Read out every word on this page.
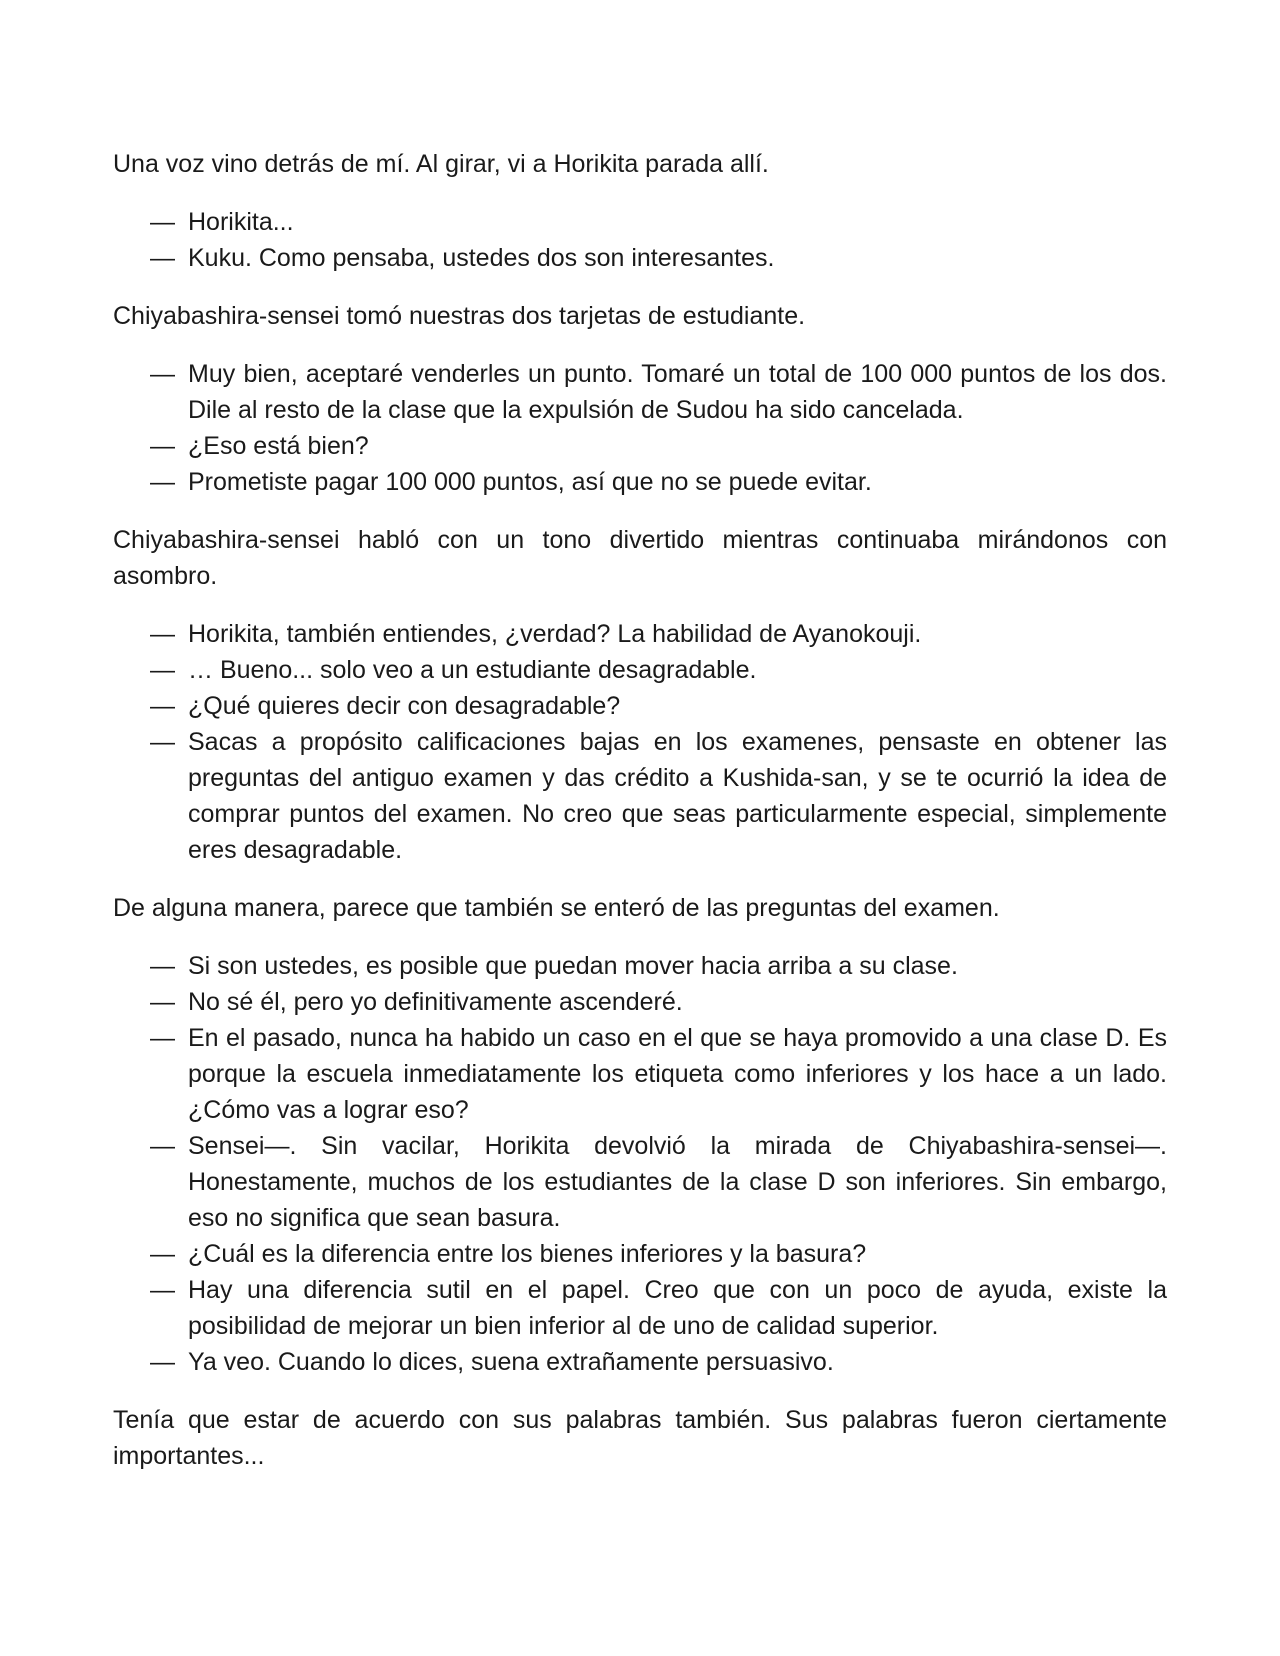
Una voz vino detrás de mí. Al girar, vi a Horikita parada allí.

— Horikita...
— Kuku. Como pensaba, ustedes dos son interesantes.

Chiyabashira-sensei tomó nuestras dos tarjetas de estudiante.

— Muy bien, aceptaré venderles un punto. Tomaré un total de 100 000 puntos de los dos. Dile al resto de la clase que la expulsión de Sudou ha sido cancelada.
— ¿Eso está bien?
— Prometiste pagar 100 000 puntos, así que no se puede evitar.

Chiyabashira-sensei habló con un tono divertido mientras continuaba mirándonos con asombro.

— Horikita, también entiendes, ¿verdad? La habilidad de Ayanokouji.
— … Bueno... solo veo a un estudiante desagradable.
— ¿Qué quieres decir con desagradable?
— Sacas a propósito calificaciones bajas en los examenes, pensaste en obtener las preguntas del antiguo examen y das crédito a Kushida-san, y se te ocurrió la idea de comprar puntos del examen. No creo que seas particularmente especial, simplemente eres desagradable.

De alguna manera, parece que también se enteró de las preguntas del examen.

— Si son ustedes, es posible que puedan mover hacia arriba a su clase.
— No sé él, pero yo definitivamente ascenderé.
— En el pasado, nunca ha habido un caso en el que se haya promovido a una clase D. Es porque la escuela inmediatamente los etiqueta como inferiores y los hace a un lado. ¿Cómo vas a lograr eso?
— Sensei—. Sin vacilar, Horikita devolvió la mirada de Chiyabashira-sensei—. Honestamente, muchos de los estudiantes de la clase D son inferiores. Sin embargo, eso no significa que sean basura.
— ¿Cuál es la diferencia entre los bienes inferiores y la basura?
— Hay una diferencia sutil en el papel. Creo que con un poco de ayuda, existe la posibilidad de mejorar un bien inferior al de uno de calidad superior.
— Ya veo. Cuando lo dices, suena extrañamente persuasivo.

Tenía que estar de acuerdo con sus palabras también. Sus palabras fueron ciertamente importantes...
